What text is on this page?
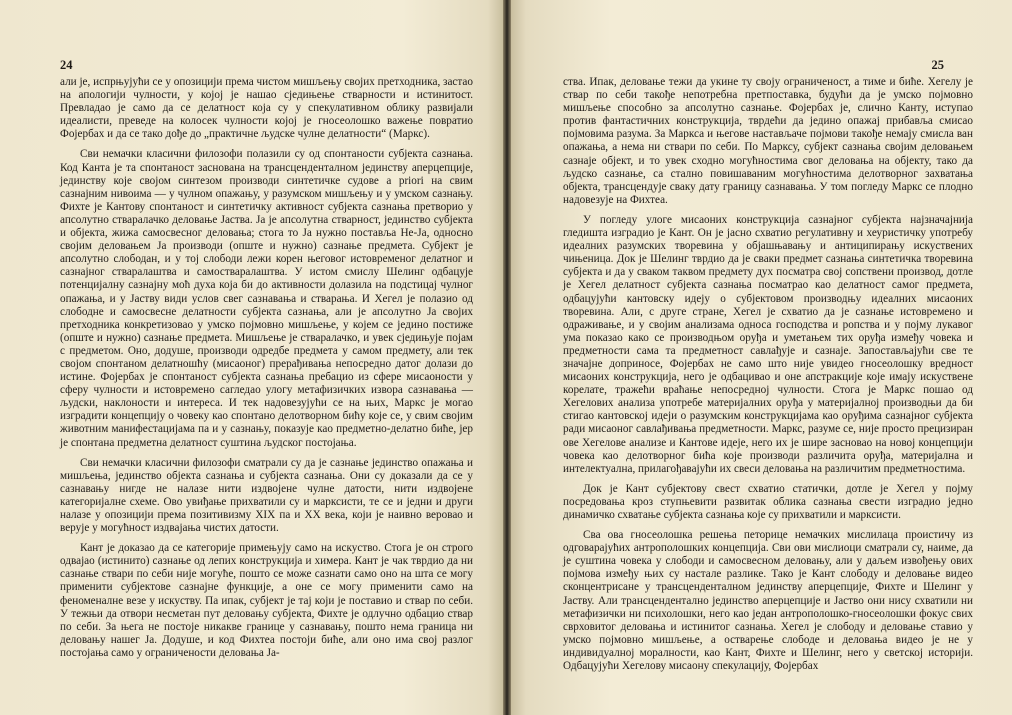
24

али је, испрњујући се у опозицији према чистом мишљењу својих претходника, застао на апологији чулности, у којој је нашао сједињење стварности и истинитост. Превладао је само да се делатност која су у спекулативном облику развијали идеалисти, преведе на колосек чулности којој је гносеолошко важење повратио Фојербах и да се тако дође до „практичне људске чулне делатности“ (Маркс).

Сви немачки класични филозофи полазили су од спонтаности субјекта сазнања. Код Канта је та спонтаност заснована на трансценденталном јединству аперцепције, јединству које својом синтезом производи синтетичке судове a priori на свим сазнајним нивоима — у чулном опажању, у разумском мишљењу и у умском сазнању. Фихте је Кантову спонтаност и синтетичку активност субјекта сазнања претворио у апсолутно стваралачко деловање Јаства. Ја је апсолутна стварност, јединство субјекта и објекта, жижа самосвесног деловања; стога то Ја нужно поставља Не-Ја, односно својим деловањем Ја производи (опште и нужно) сазнање предмета. Субјект је апсолутно слободан, и у тој слободи лежи корен његовог истовременог делатног и сазнајног стваралаштва и самостваралаштва. У истом смислу Шелинг одбацује потенцијалну сазнајну моћ духа која би до активности долазила на подстицај чулног опажања, и у Јаству види услов свег сазнавања и стварања. И Хегел је полазио од слободне и самосвесне делатности субјекта сазнања, али је апсолутно Ја својих претходника конкретизовао у умско појмовно мишљење, у којем се једино постиже (опште и нужно) сазнање предмета. Мишљење је стваралачко, и увек сједињује појам с предметом. Оно, додуше, производи одредбе предмета у самом предмету, али тек својом спонтаном делатношћу (мисаоног) прерађивања непосредно датог долази до истине. Фојербах је спонтаност субјекта сазнања пребацио из сфере мисаоности у сферу чулности и истовремено сагледао улогу метафизичких извора сазнавања — људски, наклоности и интереса. И тек надовезујући се на њих, Маркс је могао изградити концепцију о човеку као спонтано делотворном бићу које се, у свим својим животним манифестацијама па и у сазнању, показује као предметно-делатно биће, јер је спонтана предметна делатност суштина људског постојања.

Сви немачки класични филозофи сматрали су да је сазнање јединство опажања и мишљења, јединство објекта сазнања и субјекта сазнања. Они су доказали да се у сазнавању нигде не налазе нити издвојене чулне датости, нити издвојене категоријалне схеме. Ово увиђање прихватили су и марксисти, те се и једни и други налазе у опозицији према позитивизму XIX па и XX века, који је наивно веровао и верује у могућност издвајања чистих датости.

Кант је доказао да се категорије примењују само на искуство. Стога је он строго одвајао (истинито) сазнање од лепих конструкција и химера. Кант је чак тврдио да ни сазнање ствари по себи није могуће, пошто се може сазнати само оно на шта се могу применити субјектове сазнајне функције, а оне се могу применити само на феноменалне везе у искуству. Па ипак, субјект је тај који је поставио и ствар по себи. У тежњи да отвори несметан пут деловању субјекта, Фихте је одлучно одбацио ствар по себи. За њега не постоје никакве границе у сазнавању, пошто нема граница ни деловању нашег Ја. Додуше, и код Фихтеа постоји биће, али оно има свој разлог постојања само у ограничености деловања Ја-

25

ства. Ипак, деловање тежи да укине ту своју ограниченост, а тиме и биће. Хегелу је ствар по себи такође непотребна претпоставка, будући да је умско појмовно мишљење способно за апсолутно сазнање. Фојербах је, слично Канту, иступао против фантастичних конструкција, тврдећи да једино опажај прибавља смисао појмовима разума. За Маркса и његове настављаче појмови такође немају смисла ван опажања, а нема ни ствари по себи. По Марксу, субјект сазнања својим деловањем сазнаје објект, и то увек сходно могућностима свог деловања на објекту, тако да људско сазнање, са стално повишаваним могућностима делотворног захватања објекта, трансцендује сваку дату границу сазнавања. У том погледу Маркс се плодно надовезује на Фихтеа.

У погледу улоге мисаоних конструкција сазнајног субјекта најзначајнија гледишта изградио је Кант. Он је јасно схватио регулативну и хеуристичку употребу идеалних разумских творевина у објашњавању и антиципирању искуствених чињеница. Док је Шелинг тврдио да је сваки предмет сазнања синтетичка творевина субјекта и да у сваком таквом предмету дух посматра свој сопствени производ, дотле је Хегел делатност субјекта сазнања посматрао као делатност самог предмета, одбацујући кантовску идеју о субјектовом производњу идеалних мисаоних творевина. Али, с друге стране, Хегел је схватио да је сазнање истовремено и одраживање, и у својим анализама односа господства и ропства и у појму лукавог ума показао како се производњом оруђа и уметањем тих оруђа између човека и предметности сама та предметност савлађује и сазнаје. Запостављајући све те значајне доприносе, Фојербах не само што није увидео гносеолошку вредност мисаоних конструкција, него је одбацивао и оне апстракције које имају искуствене корелате, тражећи враћање непосредној чулности. Стога је Маркс пошао од Хегелових анализа употребе материјалних оруђа у материјалној производњи да би стигао кантовској идеји о разумским конструкцијама као оруђима сазнајног субјекта ради мисаоног савлађивања предметности. Маркс, разуме се, није просто прецизиран ове Хегелове анализе и Кантове идеје, него их је шире засновао на новој концепцији човека као делотворног бића које производи различита оруђа, материјална и интелектуална, прилагођавајући их свеси деловања на различитим предметностима.

Док је Кант субјектову свест схватио статички, дотле је Хегел у појму посредовања кроз ступњевити развитак облика сазнања свести изградио једно динамичко схватање субјекта сазнања које су прихватили и марксисти.

Сва ова гносеолошка решења петорице немачких мислилаца проистичу из одговарајућих антрополошких концепција. Сви ови мислиоци сматрали су, наиме, да је суштина човека у слободи и самосвесном деловању, али у даљем извођењу ових појмова између њих су настале разлике. Тако је Кант слободу и деловање видео сконцентрисане у трансценденталном јединству аперцепције, Фихте и Шелинг у Јаству. Али трансцендентално јединство аперцепције и Јаство они нису схватили ни метафизички ни психолошки, него као један антрополошко-гносеолошки фокус свих сврховитог деловања и истинитог сазнања. Хегел је слободу и деловање ставио у умско појмовно мишљење, а остварење слободе и деловања видео је не у индивидуалној моралности, као Кант, Фихте и Шелинг, него у светској историји. Одбацујући Хегелову мисаону спекулацију, Фојербах
